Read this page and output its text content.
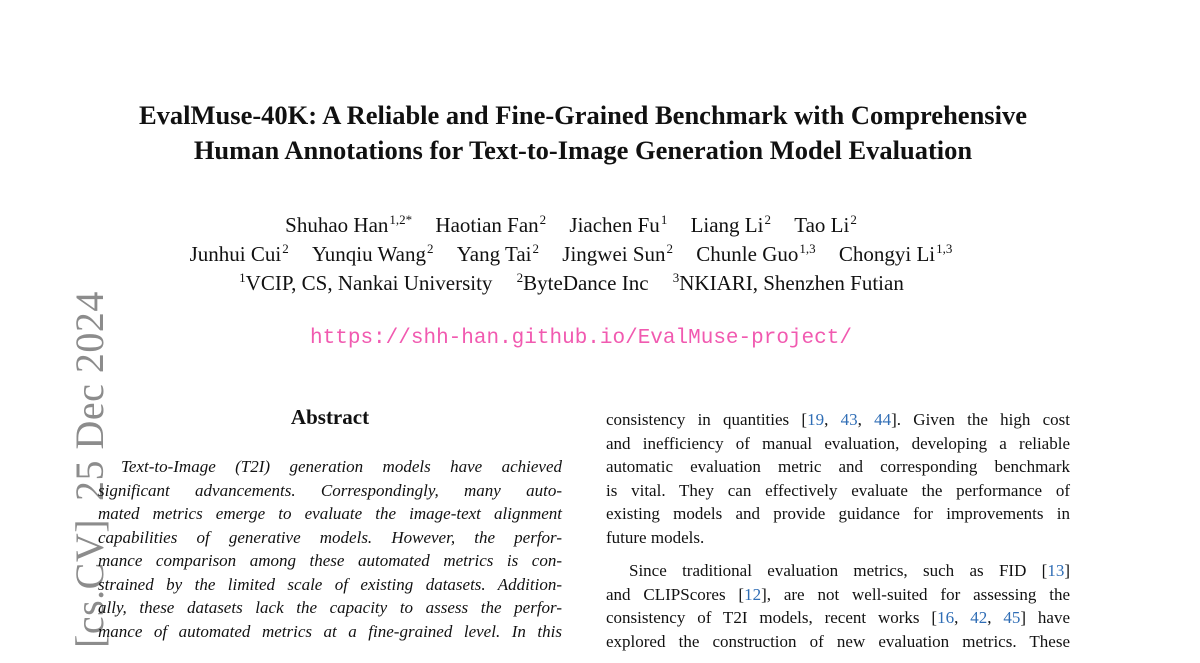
[cs.CV]25 Dec 2024
EvalMuse-40K: A Reliable and Fine-Grained Benchmark with Comprehensive
Human Annotations for Text-to-Image Generation Model Evaluation
Shuhao Han$^{1,2*}$ Haotian Fan$^2$ Jiachen Fu$^1$ Liang Li$^2$ Tao Li$^2$
Junhui Cui$^2$ Yunqiu Wang$^2$ Yang Tai$^2$ Jingwei Sun$^2$ Chunle Guo$^{1,3}$ Chongyi Li$^{1,3}$
$^1$VCIP, CS, Nankai University $^2$ByteDance Inc $^3$NKIARI, Shenzhen Futian
https://shh-han.github.io/EvalMuse-project/
Abstract
Text-to-Image (T2I) generation models have achieved
significant advancements. Correspondingly, many auto-
mated metrics emerge to evaluate the image-text alignment
capabilities of generative models. However, the perfor-
mance comparison among these automated metrics is con-
strained by the limited scale of existing datasets. Addition-
ally, these datasets lack the capacity to assess the perfor-
mance of automated metrics at a fine-grained level. In this

consistency in quantities [19, 43, 44]. Given the high cost
and inefficiency of manual evaluation, developing a reliable
automatic evaluation metric and corresponding benchmark
is vital. They can effectively evaluate the performance of
existing models and provide guidance for improvements in
future models.

Since traditional evaluation metrics, such as FID [13]
and CLIPScores [12], are not well-suited for assessing the
consistency of T2I models, recent works [16, 42, 45] have
explored the construction of new evaluation metrics. These
